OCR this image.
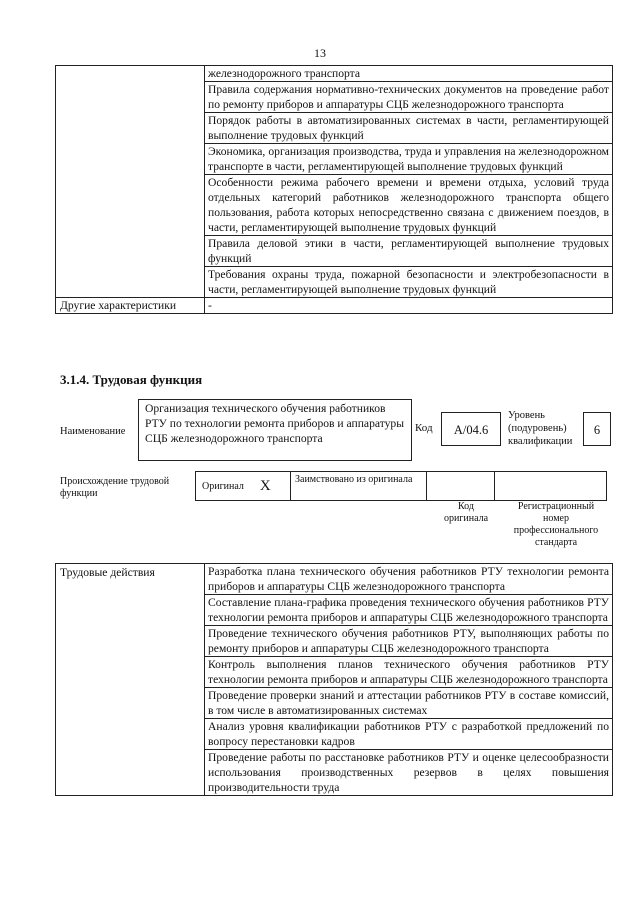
13
	железнодорожного транспорта
	Правила содержания нормативно-технических документов на проведение работ по ремонту приборов и аппаратуры СЦБ железнодорожного транспорта
	Порядок работы в автоматизированных системах в части, регламентирующей выполнение трудовых функций
	Экономика, организация производства, труда и управления на железнодорожном транспорте в части, регламентирующей выполнение трудовых функций
	Особенности режима рабочего времени и времени отдыха, условий труда отдельных категорий работников железнодорожного транспорта общего пользования, работа которых непосредственно связана с движением поездов, в части, регламентирующей выполнение трудовых функций
	Правила деловой этики в части, регламентирующей выполнение трудовых функций
	Требования охраны труда, пожарной безопасности и электробезопасности в части, регламентирующей выполнение трудовых функций
Другие характеристики	-
3.1.4. Трудовая функция
Наименование
Организация технического обучения работников РТУ по технологии ремонта приборов и аппаратуры СЦБ железнодорожного транспорта
Код	А/04.6
Уровень (подуровень) квалификации
6
Происхождение трудовой функции
Оригинал X	Заимствовано из оригинала
Код оригинала
Регистрационный номер профессионального стандарта
Трудовые действия	Разработка плана технического обучения работников РТУ технологии ремонта приборов и аппаратуры СЦБ железнодорожного транспорта
Составление плана-графика проведения технического обучения работников РТУ технологии ремонта приборов и аппаратуры СЦБ железнодорожного транспорта
Проведение технического обучения работников РТУ, выполняющих работы по ремонту приборов и аппаратуры СЦБ железнодорожного транспорта
Контроль выполнения планов технического обучения работников РТУ технологии ремонта приборов и аппаратуры СЦБ железнодорожного транспорта
Проведение проверки знаний и аттестации работников РТУ в составе комиссий, в том числе в автоматизированных системах
Анализ уровня квалификации работников РТУ с разработкой предложений по вопросу перестановки кадров
Проведение работы по расстановке работников РТУ и оценке целесообразности использования производственных резервов в целях повышения производительности труда
